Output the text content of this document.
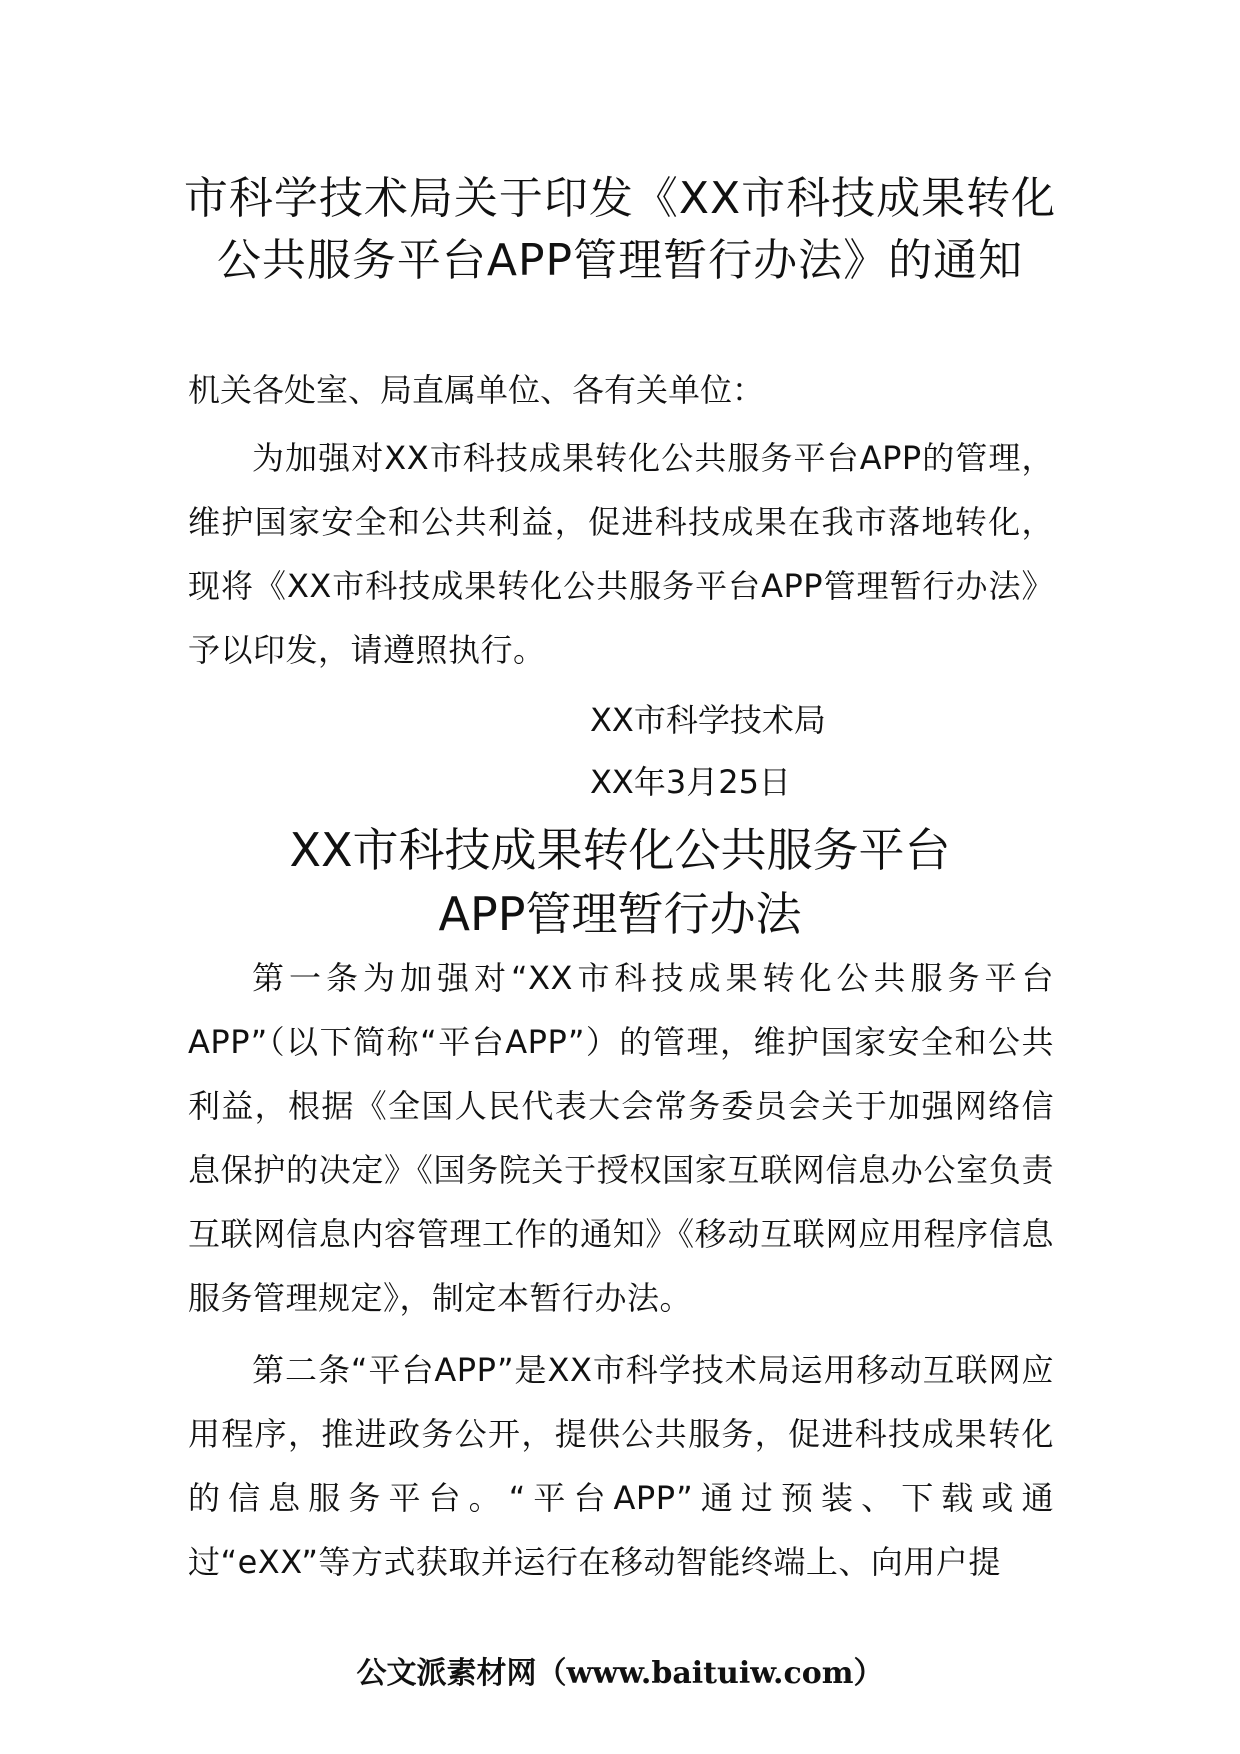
市科学技术局关于印发《XX市科技成果转化公共服务平台APP管理暂行办法》的通知
机关各处室、局直属单位、各有关单位：

为加强对XX市科技成果转化公共服务平台APP的管理，维护国家安全和公共利益，促进科技成果在我市落地转化，现将《XX市科技成果转化公共服务平台APP管理暂行办法》予以印发，请遵照执行。

XX市科学技术局
XX年3月25日
XX市科技成果转化公共服务平台
APP管理暂行办法

第一条为加强对“XX市科技成果转化公共服务平台APP”（以下简称“平台APP”）的管理，维护国家安全和公共利益，根据《全国人民代表大会常务委员会关于加强网络信息保护的决定》《国务院关于授权国家互联网信息办公室负责互联网信息内容管理工作的通知》《移动互联网应用程序信息服务管理规定》，制定本暂行办法。

第二条“平台APP”是XX市科学技术局运用移动互联网应用程序，推进政务公开，提供公共服务，促进科技成果转化的信息服务平台。“平台APP”通过预装、下载或通过“eXX”等方式获取并运行在移动智能终端上、向用户提

公文派素材网（www.baituiw.com）
